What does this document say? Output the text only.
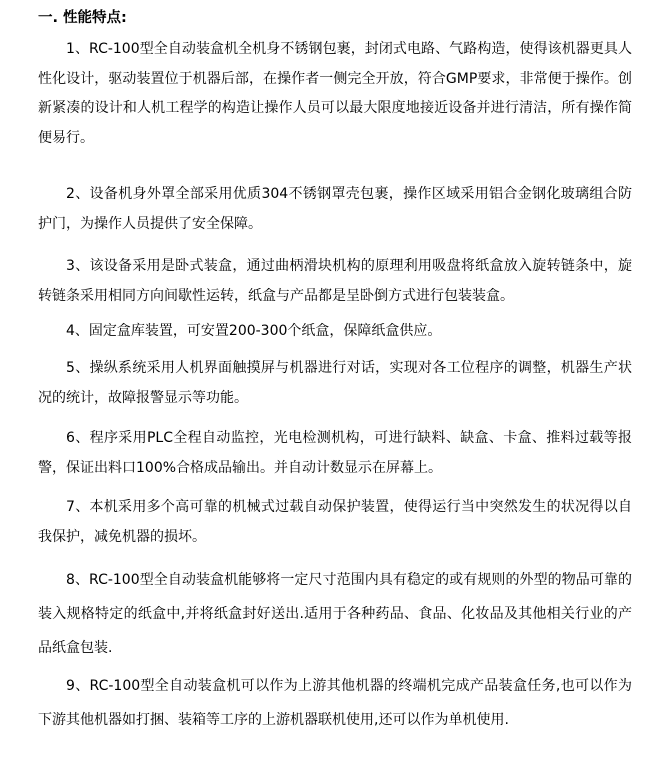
一. 性能特点:

1、RC-100型全自动装盒机全机身不锈钢包裹，封闭式电路、气路构造，使得该机器更具人性化设计，驱动装置位于机器后部，在操作者一侧完全开放，符合GMP要求，非常便于操作。创新紧凑的设计和人机工程学的构造让操作人员可以最大限度地接近设备并进行清洁，所有操作简便易行。

2、设备机身外罩全部采用优质304不锈钢罩壳包裹，操作区域采用铝合金钢化玻璃组合防护门，为操作人员提供了安全保障。

3、该设备采用是卧式装盒，通过曲柄滑块机构的原理利用吸盘将纸盒放入旋转链条中，旋转链条采用相同方向间歇性运转，纸盒与产品都是呈卧倒方式进行包装装盒。

4、固定盒库装置，可安置200-300个纸盒，保障纸盒供应。

5、操纵系统采用人机界面触摸屏与机器进行对话，实现对各工位程序的调整，机器生产状况的统计，故障报警显示等功能。

6、程序采用PLC全程自动监控，光电检测机构，可进行缺料、缺盒、卡盒、推料过载等报警，保证出料口100%合格成品输出。并自动计数显示在屏幕上。

7、本机采用多个高可靠的机械式过载自动保护装置，使得运行当中突然发生的状况得以自我保护，减免机器的损坏。

8、RC-100型全自动装盒机能够将一定尺寸范围内具有稳定的或有规则的外型的物品可靠的装入规格特定的纸盒中,并将纸盒封好送出.适用于各种药品、食品、化妆品及其他相关行业的产品纸盒包装.

9、RC-100型全自动装盒机可以作为上游其他机器的终端机完成产品装盒任务,也可以作为下游其他机器如打捆、装箱等工序的上游机器联机使用,还可以作为单机使用.
